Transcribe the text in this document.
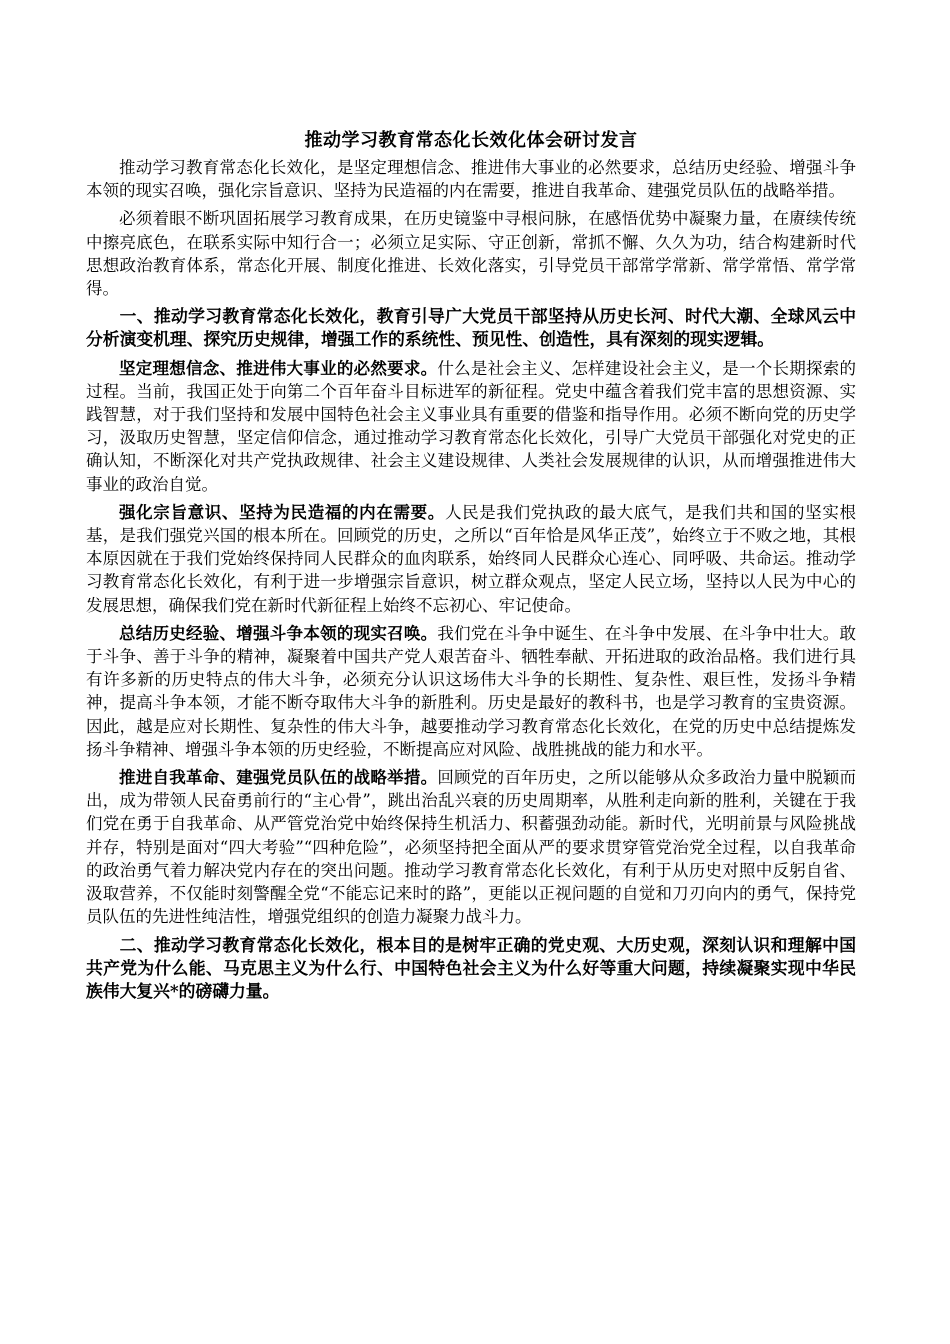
推动学习教育常态化长效化体会研讨发言

推动学习教育常态化长效化，是坚定理想信念、推进伟大事业的必然要求，总结历史经验、增强斗争本领的现实召唤，强化宗旨意识、坚持为民造福的内在需要，推进自我革命、建强党员队伍的战略举措。

必须着眼不断巩固拓展学习教育成果，在历史镜鉴中寻根问脉，在感悟优势中凝聚力量，在赓续传统中擦亮底色，在联系实际中知行合一；必须立足实际、守正创新，常抓不懈、久久为功，结合构建新时代思想政治教育体系，常态化开展、制度化推进、长效化落实，引导党员干部常学常新、常学常悟、常学常得。

一、推动学习教育常态化长效化，教育引导广大党员干部坚持从历史长河、时代大潮、全球风云中分析演变机理、探究历史规律，增强工作的系统性、预见性、创造性，具有深刻的现实逻辑。

坚定理想信念、推进伟大事业的必然要求。什么是社会主义、怎样建设社会主义，是一个长期探索的过程。当前，我国正处于向第二个百年奋斗目标进军的新征程。党史中蕴含着我们党丰富的思想资源、实践智慧，对于我们坚持和发展中国特色社会主义事业具有重要的借鉴和指导作用。必须不断向党的历史学习，汲取历史智慧，坚定信仰信念，通过推动学习教育常态化长效化，引导广大党员干部强化对党史的正确认知，不断深化对共产党执政规律、社会主义建设规律、人类社会发展规律的认识，从而增强推进伟大事业的政治自觉。

强化宗旨意识、坚持为民造福的内在需要。人民是我们党执政的最大底气，是我们共和国的坚实根基，是我们强党兴国的根本所在。回顾党的历史，之所以“百年恰是风华正茂”，始终立于不败之地，其根本原因就在于我们党始终保持同人民群众的血肉联系，始终同人民群众心连心、同呼吸、共命运。推动学习教育常态化长效化，有利于进一步增强宗旨意识，树立群众观点，坚定人民立场，坚持以人民为中心的发展思想，确保我们党在新时代新征程上始终不忘初心、牢记使命。

总结历史经验、增强斗争本领的现实召唤。我们党在斗争中诞生、在斗争中发展、在斗争中壮大。敢于斗争、善于斗争的精神，凝聚着中国共产党人艰苦奋斗、牺牲奉献、开拓进取的政治品格。我们进行具有许多新的历史特点的伟大斗争，必须充分认识这场伟大斗争的长期性、复杂性、艰巨性，发扬斗争精神，提高斗争本领，才能不断夺取伟大斗争的新胜利。历史是最好的教科书，也是学习教育的宝贵资源。因此，越是应对长期性、复杂性的伟大斗争，越要推动学习教育常态化长效化，在党的历史中总结提炼发扬斗争精神、增强斗争本领的历史经验，不断提高应对风险、战胜挑战的能力和水平。

推进自我革命、建强党员队伍的战略举措。回顾党的百年历史，之所以能够从众多政治力量中脱颖而出，成为带领人民奋勇前行的“主心骨”，跳出治乱兴衰的历史周期率，从胜利走向新的胜利，关键在于我们党在勇于自我革命、从严管党治党中始终保持生机活力、积蓄强劲动能。新时代，光明前景与风险挑战并存，特别是面对“四大考验”“四种危险”，必须坚持把全面从严的要求贯穿管党治党全过程，以自我革命的政治勇气着力解决党内存在的突出问题。推动学习教育常态化长效化，有利于从历史对照中反躬自省、汲取营养，不仅能时刻警醒全党“不能忘记来时的路”，更能以正视问题的自觉和刀刃向内的勇气，保持党员队伍的先进性纯洁性，增强党组织的创造力凝聚力战斗力。

二、推动学习教育常态化长效化，根本目的是树牢正确的党史观、大历史观，深刻认识和理解中国共产党为什么能、马克思主义为什么行、中国特色社会主义为什么好等重大问题，持续凝聚实现中华民族伟大复兴*的磅礴力量。
